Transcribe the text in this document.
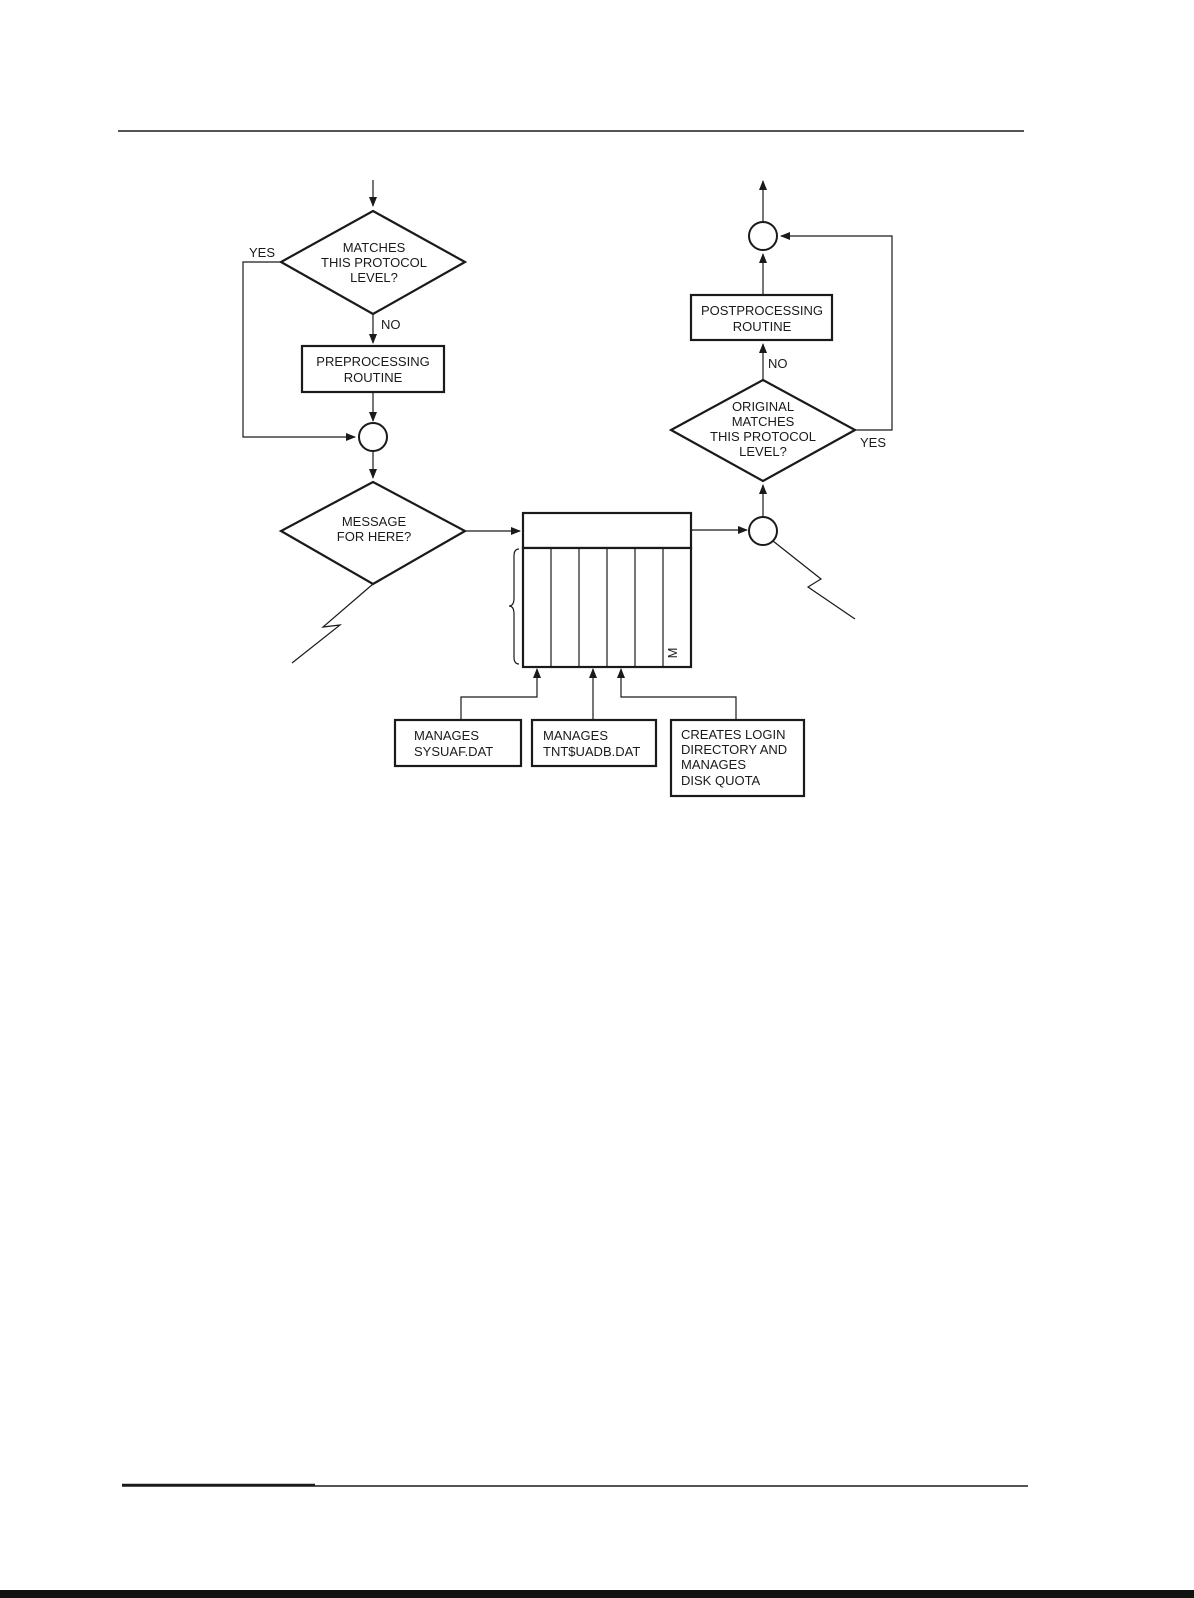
MATCHES
THIS PROTOCOL
LEVEL?
YES
NO
PREPROCESSING
ROUTINE
MESSAGE
FOR HERE?
M
MANAGES
SYSUAF.DAT
MANAGES
TNT$UADB.DAT
CREATES LOGIN
DIRECTORY AND
MANAGES
DISK QUOTA
ORIGINAL
MATCHES
THIS PROTOCOL
LEVEL?
YES
NO
POSTPROCESSING
ROUTINE
